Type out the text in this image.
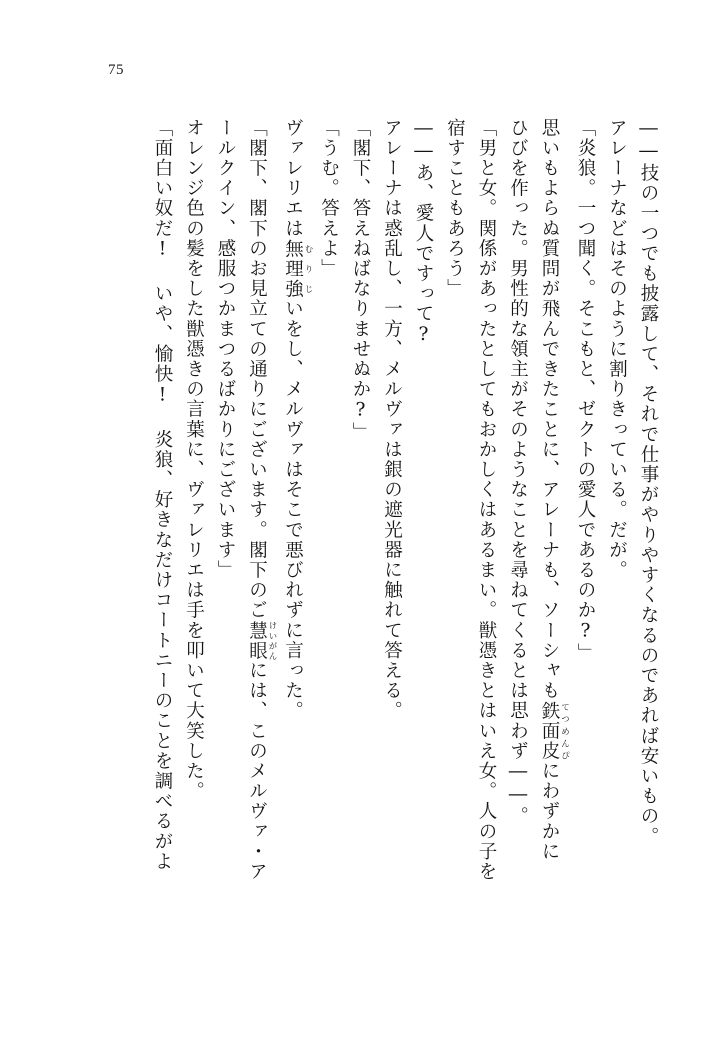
75

――技の一つでも披露して、それで仕事がやりやすくなるのであれば安いもの。

アレーナなどはそのように割りきっている。だが。

「炎狼。一つ聞く。そこもと、ゼクトの愛人であるのか?」

思いもよらぬ質問が飛んできたことに、アレーナも、ソーシャも鉄面皮 てつめんぴにわずかに

ひびを作った。男性的な領主がそのようなことを尋ねてくるとは思わず――。

「男と女。関係があったとしてもおかしくはあるまい。獣憑きとはいえ女。人の子を

宿すこともあろう」

――あ、愛人ですって?

アレーナは惑乱し、一方、メルヴァは銀の遮光器に触れて答える。

「閣下、答えねばなりませぬか?」

「うむ。答えよ」

ヴァレリエは無理強 むりじいをし、メルヴァはそこで悪びれずに言った。

「閣下、閣下のお見立ての通りにございます。閣下のご慧眼 けいがんには、このメルヴァ・ア

ールクイン、感服つかまつるばかりにございます」

オレンジ色の髪をした獣憑きの言葉に、ヴァレリエは手を叩いて大笑した。

「面白い奴だ! いや、愉快! 炎狼、好きなだけコートニーのことを調べるがよ
